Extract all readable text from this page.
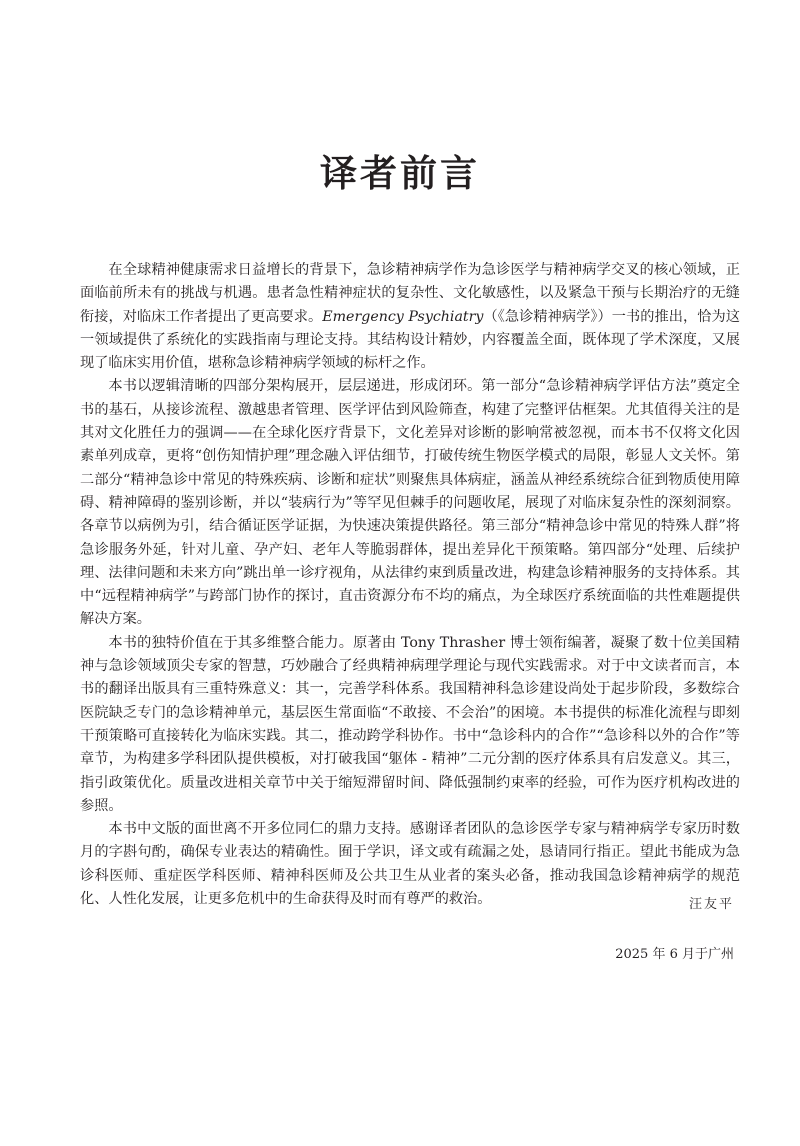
译者前言

在全球精神健康需求日益增长的背景下，急诊精神病学作为急诊医学与精神病学交叉的核心领域，正面临前所未有的挑战与机遇。患者急性精神症状的复杂性、文化敏感性，以及紧急干预与长期治疗的无缝衔接，对临床工作者提出了更高要求。Emergency Psychiatry（《急诊精神病学》）一书的推出，恰为这一领域提供了系统化的实践指南与理论支持。其结构设计精妙，内容覆盖全面，既体现了学术深度，又展现了临床实用价值，堪称急诊精神病学领域的标杆之作。

本书以逻辑清晰的四部分架构展开，层层递进，形成闭环。第一部分“急诊精神病学评估方法”奠定全书的基石，从接诊流程、激越患者管理、医学评估到风险筛查，构建了完整评估框架。尤其值得关注的是其对文化胜任力的强调——在全球化医疗背景下，文化差异对诊断的影响常被忽视，而本书不仅将文化因素单列成章，更将“创伤知情护理”理念融入评估细节，打破传统生物医学模式的局限，彰显人文关怀。第二部分“精神急诊中常见的特殊疾病、诊断和症状”则聚焦具体病症，涵盖从神经系统综合征到物质使用障碍、精神障碍的鉴别诊断，并以“装病行为”等罕见但棘手的问题收尾，展现了对临床复杂性的深刻洞察。各章节以病例为引，结合循证医学证据，为快速决策提供路径。第三部分“精神急诊中常见的特殊人群”将急诊服务外延，针对儿童、孕产妇、老年人等脆弱群体，提出差异化干预策略。第四部分“处理、后续护理、法律问题和未来方向”跳出单一诊疗视角，从法律约束到质量改进，构建急诊精神服务的支持体系。其中“远程精神病学”与跨部门协作的探讨，直击资源分布不均的痛点，为全球医疗系统面临的共性难题提供解决方案。

本书的独特价值在于其多维整合能力。原著由 Tony Thrasher 博士领衔编著，凝聚了数十位美国精神与急诊领域顶尖专家的智慧，巧妙融合了经典精神病理学理论与现代实践需求。对于中文读者而言，本书的翻译出版具有三重特殊意义：其一，完善学科体系。我国精神科急诊建设尚处于起步阶段，多数综合医院缺乏专门的急诊精神单元，基层医生常面临“不敢接、不会治”的困境。本书提供的标准化流程与即刻干预策略可直接转化为临床实践。其二，推动跨学科协作。书中“急诊科内的合作”“急诊科以外的合作”等章节，为构建多学科团队提供模板，对打破我国“躯体 - 精神”二元分割的医疗体系具有启发意义。其三，指引政策优化。质量改进相关章节中关于缩短滞留时间、降低强制约束率的经验，可作为医疗机构改进的参照。

本书中文版的面世离不开多位同仁的鼎力支持。感谢译者团队的急诊医学专家与精神病学专家历时数月的字斟句酌，确保专业表达的精确性。囿于学识，译文或有疏漏之处，恳请同行指正。望此书能成为急诊科医师、重症医学科医师、精神科医师及公共卫生从业者的案头必备，推动我国急诊精神病学的规范化、人性化发展，让更多危机中的生命获得及时而有尊严的救治。	汪友平

2025 年 6 月于广州
